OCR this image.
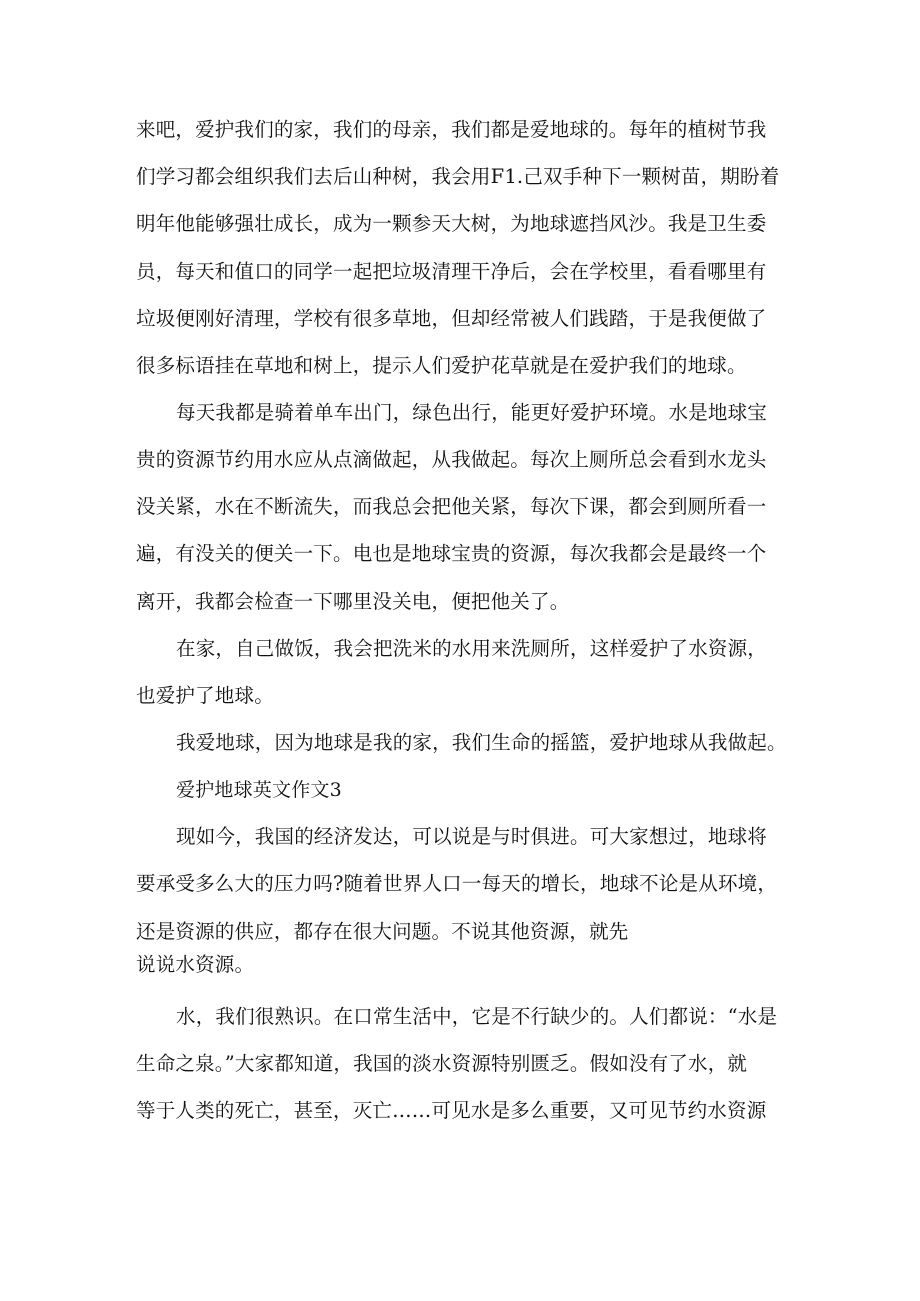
来吧，爱护我们的家，我们的母亲，我们都是爱地球的。每年的植树节我
们学习都会组织我们去后山种树，我会用F1.己双手种下一颗树苗，期盼着
明年他能够强壮成长，成为一颗参天大树，为地球遮挡风沙。我是卫生委
员，每天和值口的同学一起把垃圾清理干净后，会在学校里，看看哪里有
垃圾便刚好清理，学校有很多草地，但却经常被人们践踏，于是我便做了
很多标语挂在草地和树上，提示人们爱护花草就是在爱护我们的地球。
每天我都是骑着单车出门，绿色出行，能更好爱护环境。水是地球宝
贵的资源节约用水应从点滴做起，从我做起。每次上厕所总会看到水龙头
没关紧，水在不断流失，而我总会把他关紧，每次下课，都会到厕所看一
遍，有没关的便关一下。电也是地球宝贵的资源，每次我都会是最终一个
离开，我都会检查一下哪里没关电，便把他关了。
在家，自己做饭，我会把洗米的水用来洗厕所，这样爱护了水资源，
也爱护了地球。
我爱地球，因为地球是我的家，我们生命的摇篮，爱护地球从我做起。
爱护地球英文作文3
现如今，我国的经济发达，可以说是与时俱进。可大家想过，地球将
要承受多么大的压力吗?随着世界人口一每天的增长，地球不论是从环境，
还是资源的供应，都存在很大问题。不说其他资源，就先
说说水资源。
水，我们很熟识。在口常生活中，它是不行缺少的。人们都说：“水是
生命之泉。”大家都知道，我国的淡水资源特别匮乏。假如没有了水，就
等于人类的死亡，甚至，灭亡……可见水是多么重要，又可见节约水资源
